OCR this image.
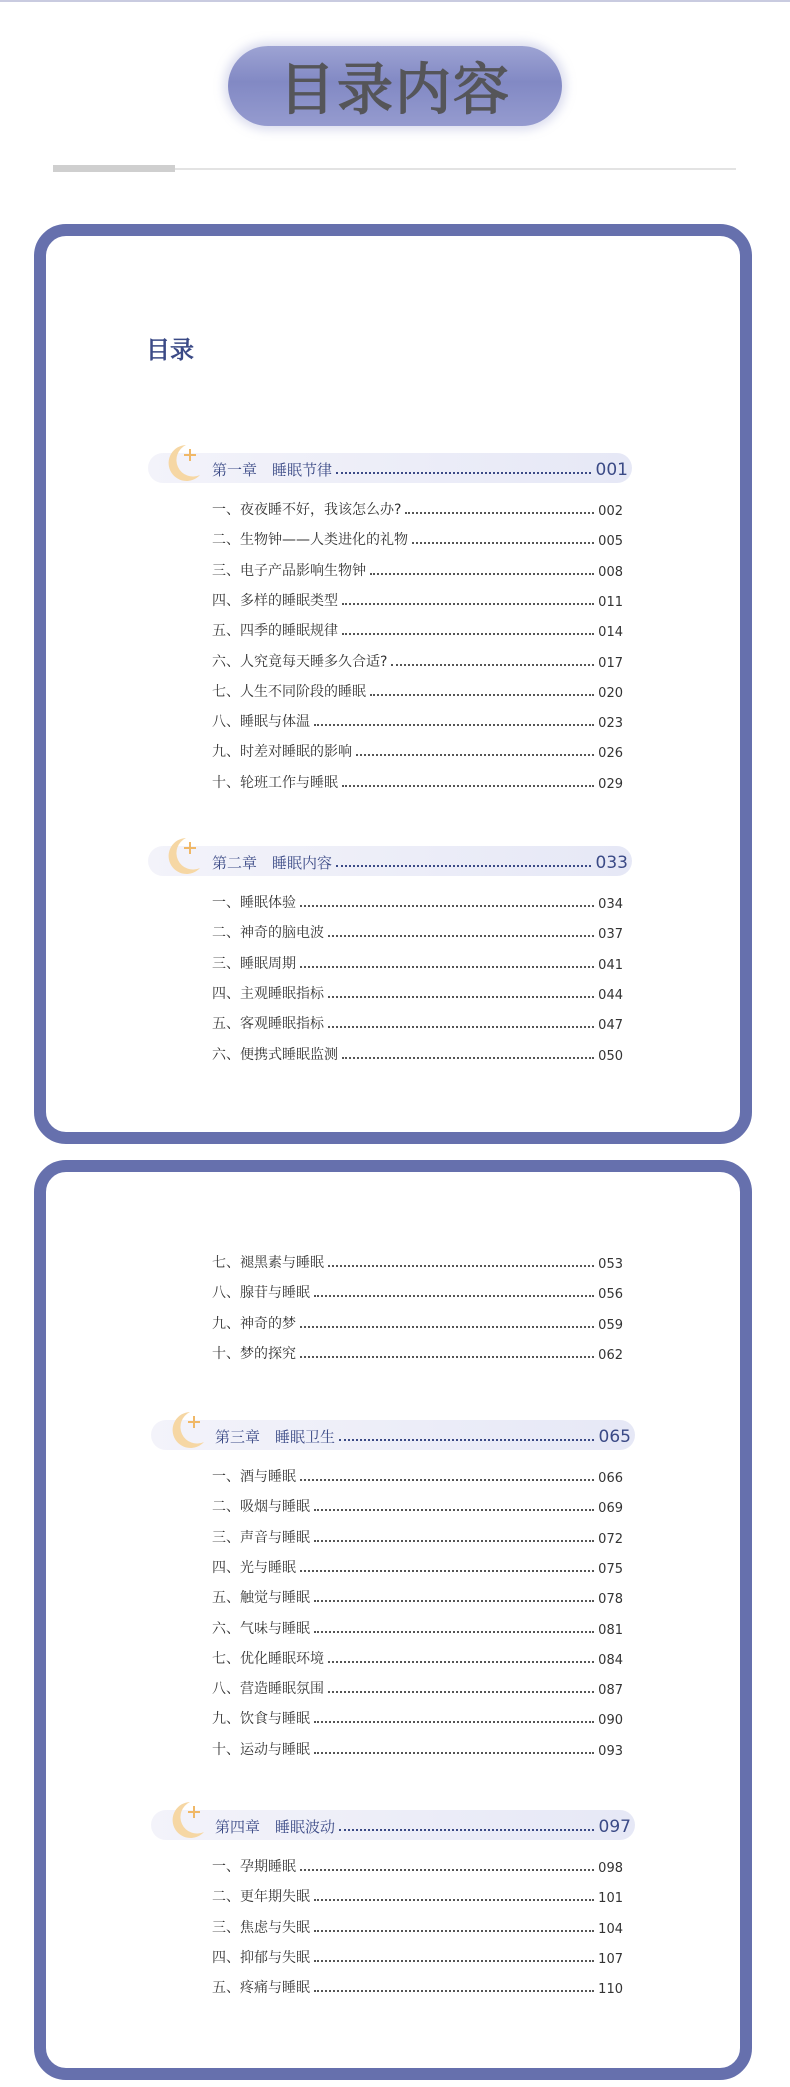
目录内容
目录
第一章　睡眠节律	001
一、夜夜睡不好，我该怎么办?	002
二、生物钟——人类进化的礼物	005
三、电子产品影响生物钟	008
四、多样的睡眠类型	011
五、四季的睡眠规律	014
六、人究竟每天睡多久合适?	017
七、人生不同阶段的睡眠	020
八、睡眠与体温	023
九、时差对睡眠的影响	026
十、轮班工作与睡眠	029
第二章　睡眠内容	033
一、睡眠体验	034
二、神奇的脑电波	037
三、睡眠周期	041
四、主观睡眠指标	044
五、客观睡眠指标	047
六、便携式睡眠监测	050
七、褪黑素与睡眠	053
八、腺苷与睡眠	056
九、神奇的梦	059
十、梦的探究	062
第三章　睡眠卫生	065
一、酒与睡眠	066
二、吸烟与睡眠	069
三、声音与睡眠	072
四、光与睡眠	075
五、触觉与睡眠	078
六、气味与睡眠	081
七、优化睡眠环境	084
八、营造睡眠氛围	087
九、饮食与睡眠	090
十、运动与睡眠	093
第四章　睡眠波动	097
一、孕期睡眠	098
二、更年期失眠	101
三、焦虑与失眠	104
四、抑郁与失眠	107
五、疼痛与睡眠	110
